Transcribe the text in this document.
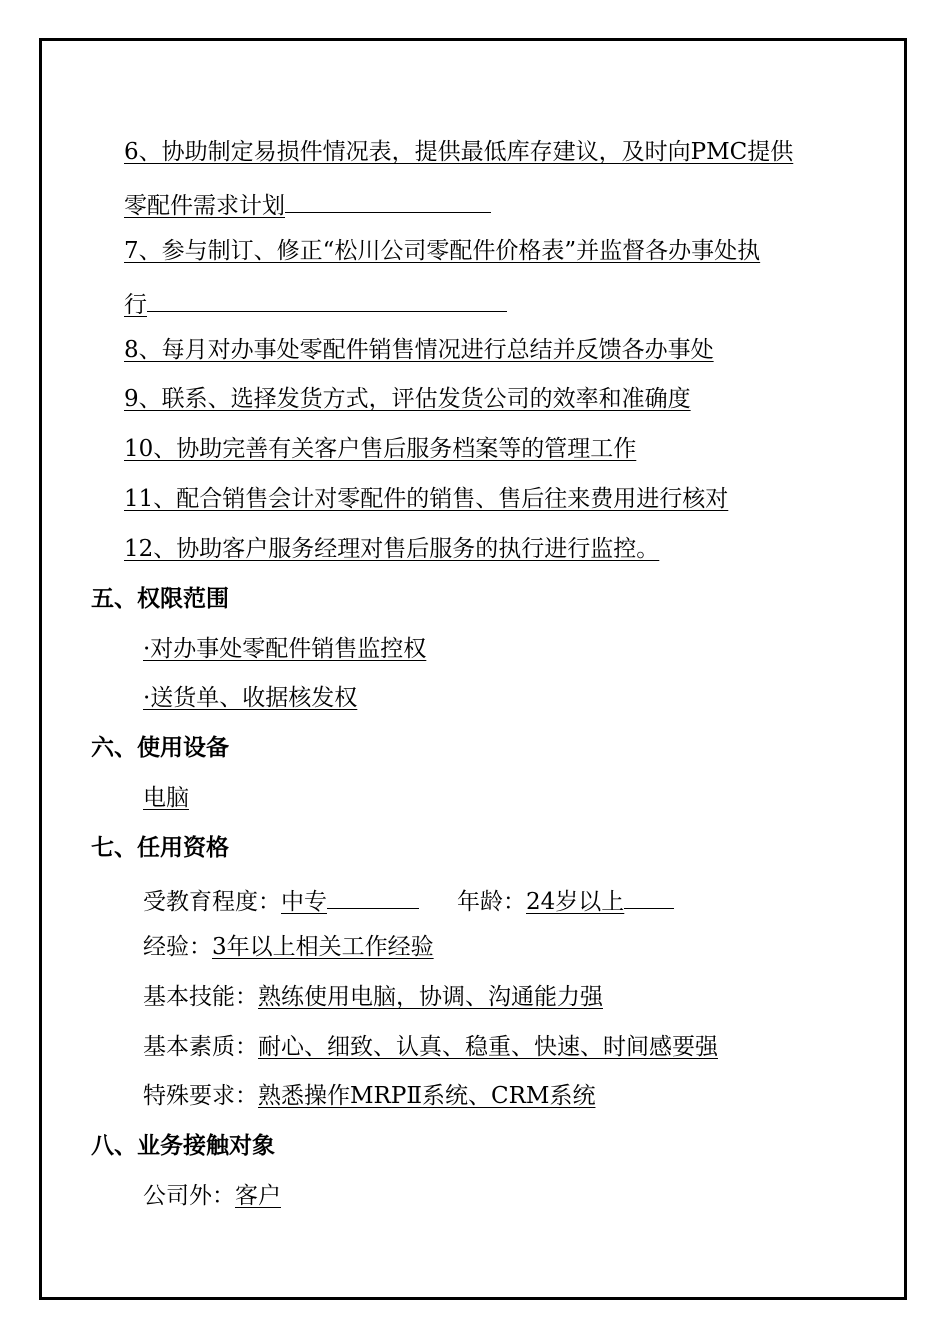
6、协助制定易损件情况表，提供最低库存建议，及时向PMC提供
零配件需求计划
7、参与制订、修正“松川公司零配件价格表”并监督各办事处执
行
8、每月对办事处零配件销售情况进行总结并反馈各办事处
9、联系、选择发货方式，评估发货公司的效率和准确度
10、协助完善有关客户售后服务档案等的管理工作
11、配合销售会计对零配件的销售、售后往来费用进行核对
12、协助客户服务经理对售后服务的执行进行监控。
五、权限范围
·对办事处零配件销售监控权
·送货单、收据核发权
六、使用设备
电脑
七、任用资格
受教育程度：中专	年龄：24岁以上
经验：3年以上相关工作经验
基本技能：熟练使用电脑，协调、沟通能力强
基本素质：耐心、细致、认真、稳重、快速、时间感要强
特殊要求：熟悉操作MRPⅡ系统、CRM系统
八、业务接触对象
公司外：客户
